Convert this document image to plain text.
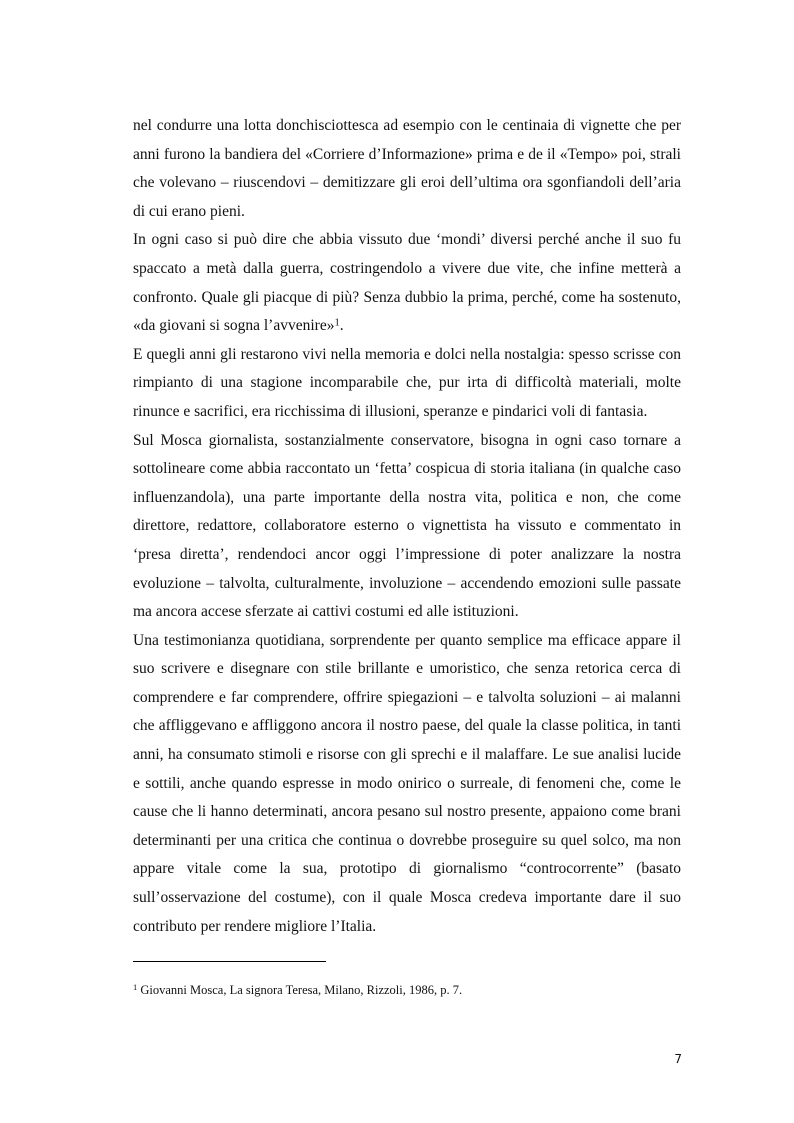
nel condurre una lotta donchisciottesca ad esempio con le centinaia di vignette che per anni furono la bandiera del «Corriere d’Informazione» prima e de il «Tempo» poi, strali che volevano – riuscendovi – demitizzare gli eroi dell’ultima ora sgonfiandoli dell’aria di cui erano pieni.

In ogni caso si può dire che abbia vissuto due ‘mondi’ diversi perché anche il suo fu spaccato a metà dalla guerra, costringendolo a vivere due vite, che infine metterà a confronto. Quale gli piacque di più? Senza dubbio la prima, perché, come ha sostenuto, «da giovani si sogna l’avvenire»$^1$.

E quegli anni gli restarono vivi nella memoria e dolci nella nostalgia: spesso scrisse con rimpianto di una stagione incomparabile che, pur irta di difficoltà materiali, molte rinunce e sacrifici, era ricchissima di illusioni, speranze e pindarici voli di fantasia.

Sul Mosca giornalista, sostanzialmente conservatore, bisogna in ogni caso tornare a sottolineare come abbia raccontato un ‘fetta’ cospicua di storia italiana (in qualche caso influenzandola), una parte importante della nostra vita, politica e non, che come direttore, redattore, collaboratore esterno o vignettista ha vissuto e commentato in ‘presa diretta’, rendendoci ancor oggi l’impressione di poter analizzare la nostra evoluzione – talvolta, culturalmente, involuzione – accendendo emozioni sulle passate ma ancora accese sferzate ai cattivi costumi ed alle istituzioni.

Una testimonianza quotidiana, sorprendente per quanto semplice ma efficace appare il suo scrivere e disegnare con stile brillante e umoristico, che senza retorica cerca di comprendere e far comprendere, offrire spiegazioni – e talvolta soluzioni – ai malanni che affliggevano e affliggono ancora il nostro paese, del quale la classe politica, in tanti anni, ha consumato stimoli e risorse con gli sprechi e il malaffare. Le sue analisi lucide e sottili, anche quando espresse in modo onirico o surreale, di fenomeni che, come le cause che li hanno determinati, ancora pesano sul nostro presente, appaiono come brani determinanti per una critica che continua o dovrebbe proseguire su quel solco, ma non appare vitale come la sua, prototipo di giornalismo “controcorrente” (basato sull’osservazione del costume), con il quale Mosca credeva importante dare il suo contributo per rendere migliore l’Italia.

$^1$ Giovanni Mosca, La signora Teresa, Milano, Rizzoli, 1986, p. 7.
7
